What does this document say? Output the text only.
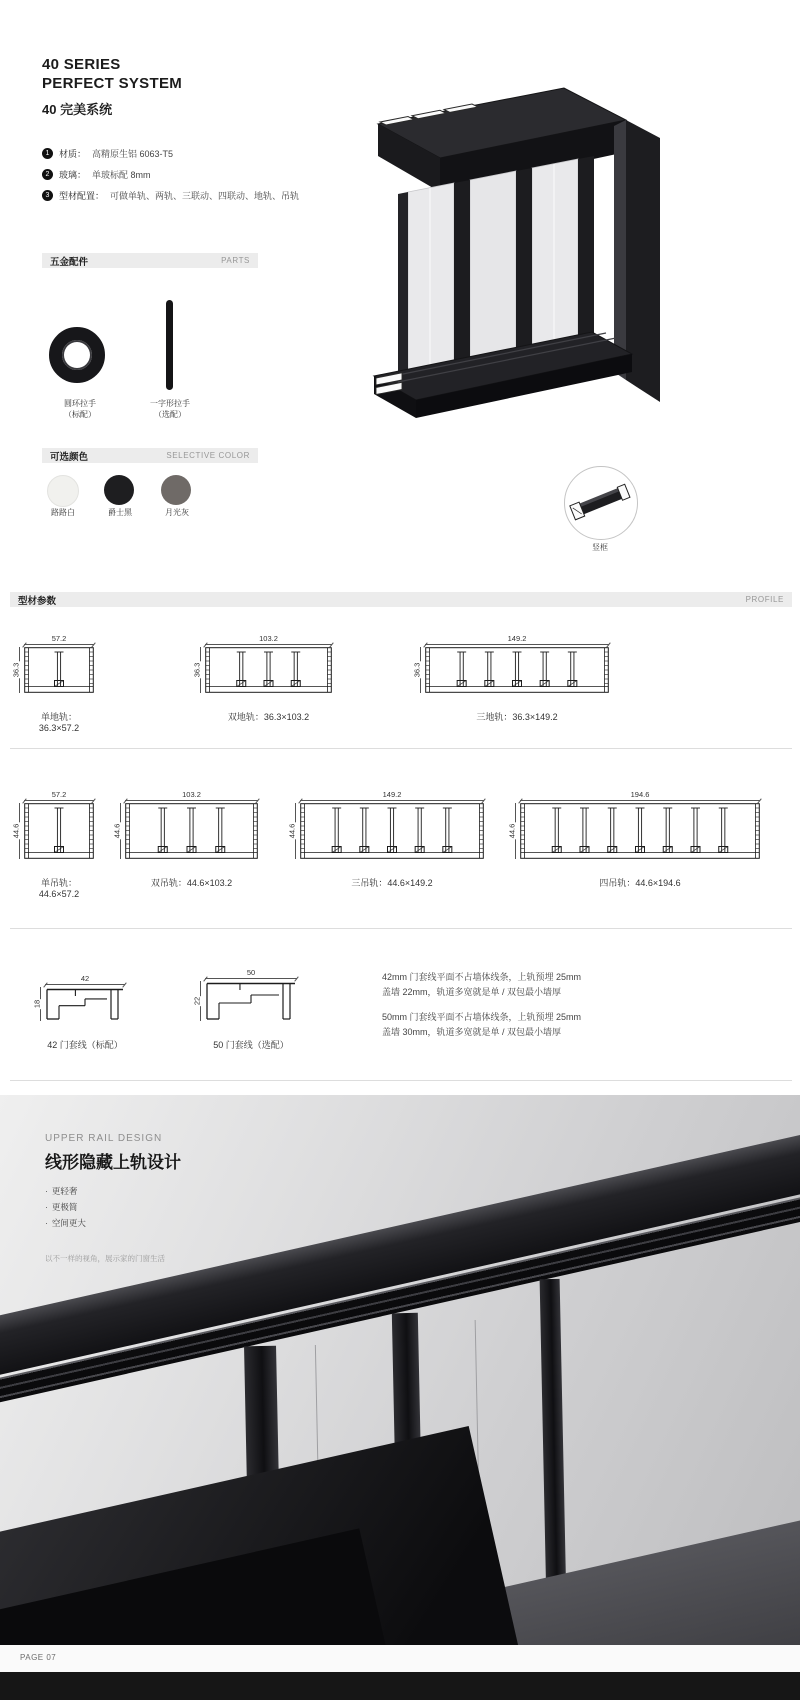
40 SERIES
PERFECT SYSTEM
40 完美系统
1	材质： 高精原生铝 6063-T5
2	玻璃： 单玻标配 8mm
3	型材配置： 可做单轨、两轨、三联动、四联动、地轨、吊轨
竖框
五金配件	PARTS
圆环拉手
（标配）
一字形拉手
（选配）
可选颜色	SELECTIVE COLOR
路路白	爵士黑	月光灰
型材参数	PROFILE
57.2
36.3
单地轨：36.3×57.2
103.2
36.3
双地轨：36.3×103.2
149.2
36.3
三地轨：36.3×149.2
57.2
44.6
单吊轨：44.6×57.2
103.2
44.6
双吊轨：44.6×103.2
149.2
44.6
三吊轨：44.6×149.2
194.6
44.6
四吊轨：44.6×194.6
42
18
42 门套线（标配）
50
22
50 门套线（选配）
42mm 门套线平面不占墙体线条，上轨预埋 25mm
盖墙 22mm，轨道多宽就是单 / 双包最小墙厚
50mm 门套线平面不占墙体线条，上轨预埋 25mm
盖墙 30mm，轨道多宽就是单 / 双包最小墙厚
UPPER RAIL DESIGN
线形隐藏上轨设计
· 更轻奢
· 更极简
· 空间更大
以不一样的视角，展示家的门窗生活
PAGE 07
